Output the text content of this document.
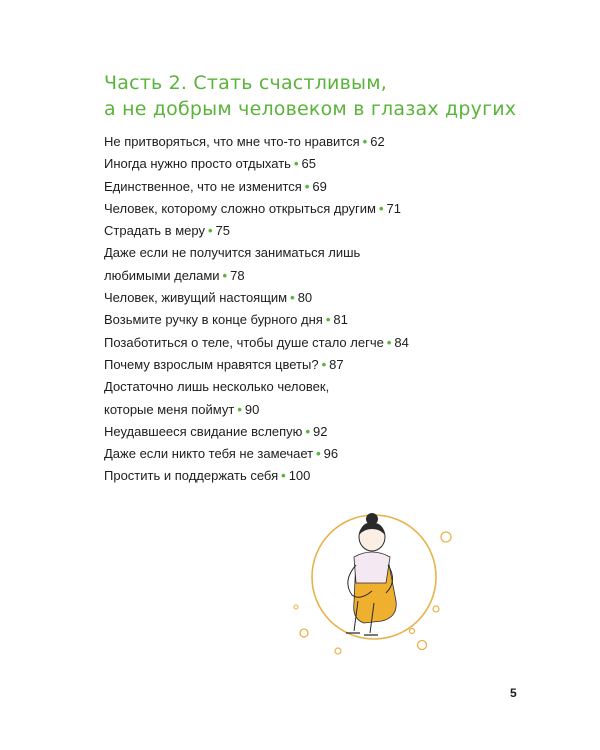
Часть 2. Стать счастливым,
а не добрым человеком в глазах других
Не притворяться, что мне что-то нравится • 62
Иногда нужно просто отдыхать • 65
Единственное, что не изменится • 69
Человек, которому сложно открыться другим • 71
Страдать в меру • 75
Даже если не получится заниматься лишь
любимыми делами • 78
Человек, живущий настоящим • 80
Возьмите ручку в конце бурного дня • 81
Позаботиться о теле, чтобы душе стало легче • 84
Почему взрослым нравятся цветы? • 87
Достаточно лишь несколько человек,
которые меня поймут • 90
Неудавшееся свидание вслепую • 92
Даже если никто тебя не замечает • 96
Простить и поддержать себя • 100
5
